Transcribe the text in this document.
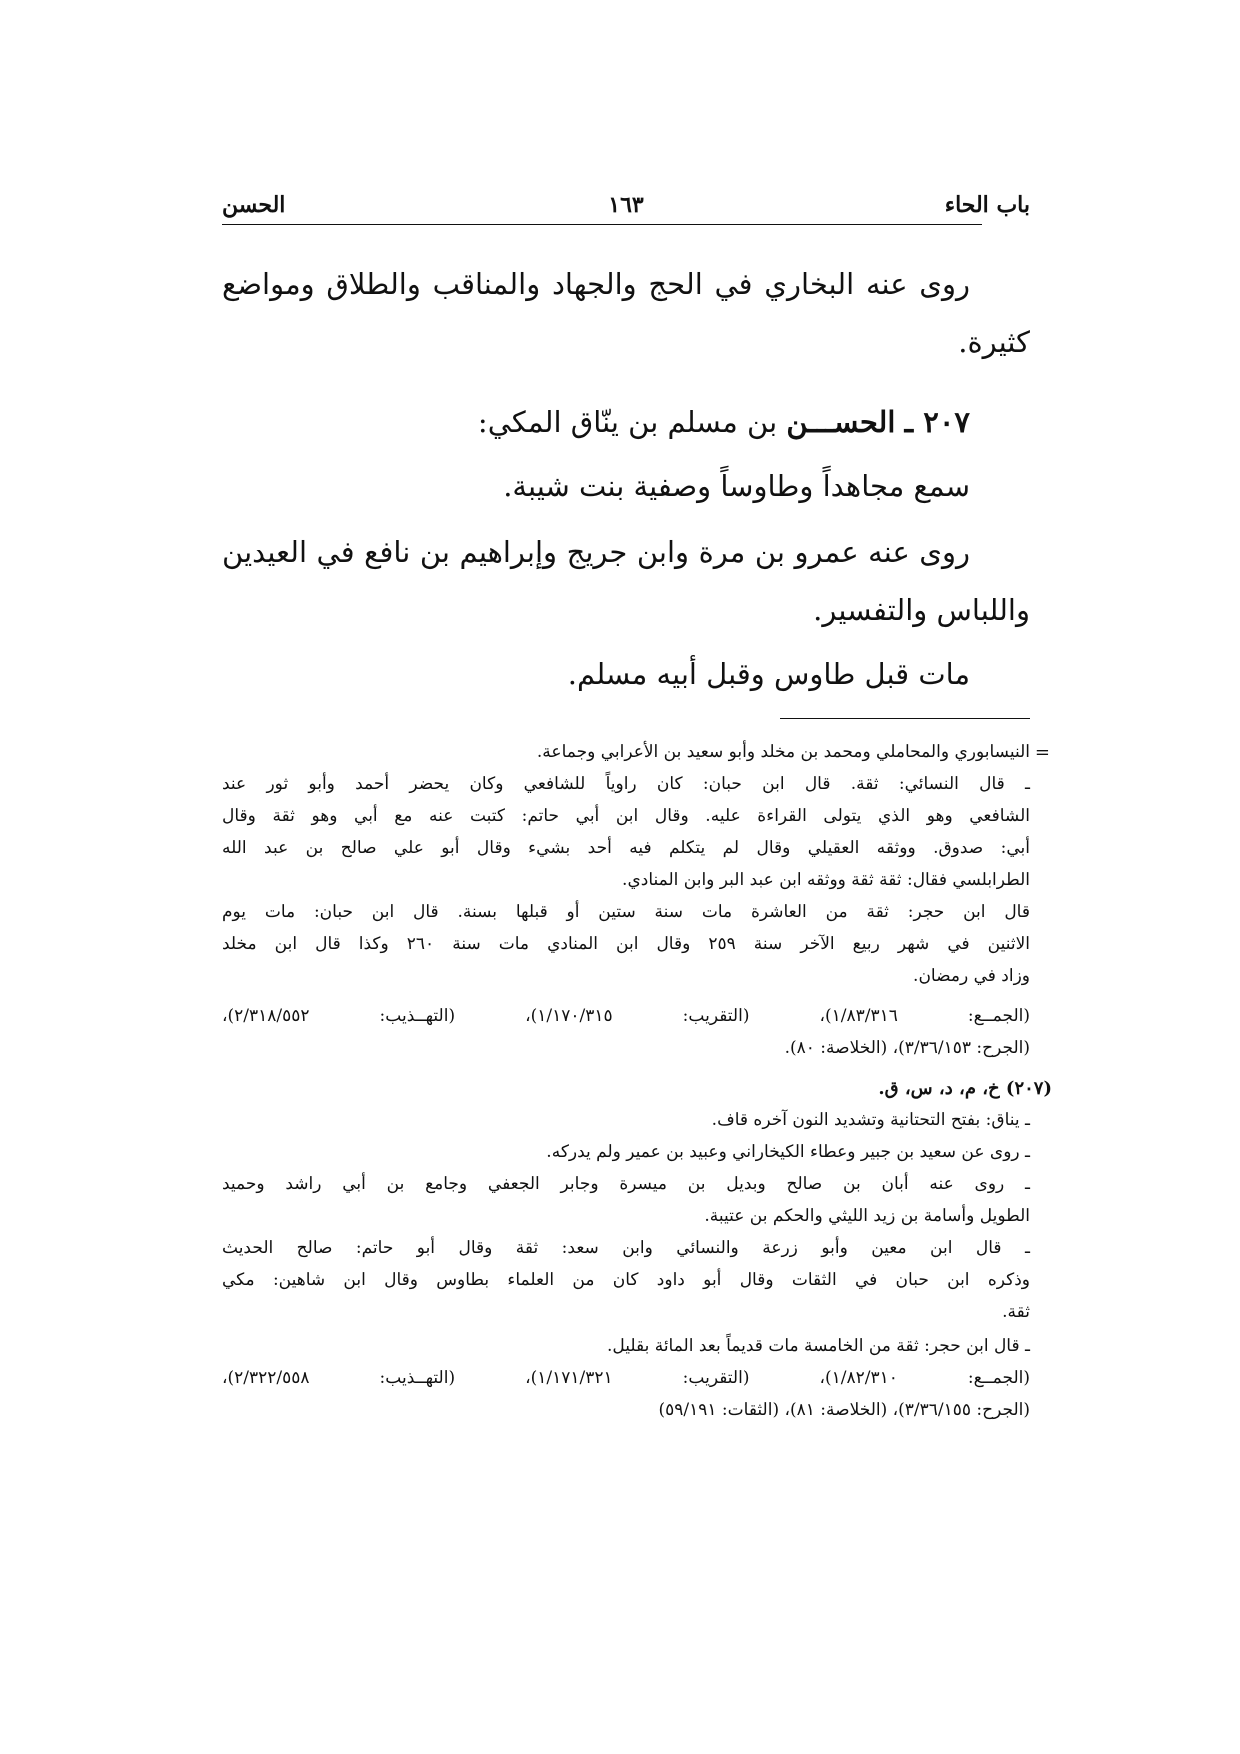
باب الحاء
١٦٣
الحسن

روى عنه البخاري في الحج والجهاد والمناقب والطلاق ومواضع

كثيرة.

٢٠٧ ـ الحســـن بن مسلم بن ينّاق المكي:

سمع مجاهداً وطاوساً وصفية بنت شيبة.

روى عنه عمرو بن مرة وابن جريج وإبراهيم بن نافع في العيدين

واللباس والتفسير.

مات قبل طاوس وقبل أبيه مسلم.

=
النيسابوري والمحاملي ومحمد بن مخلد وأبو سعيد بن الأعرابي وجماعة.
ـ قال النسائي: ثقة. قال ابن حبان: كان راوياً للشافعي وكان يحضر أحمد وأبو ثور عند
الشافعي وهو الذي يتولى القراءة عليه. وقال ابن أبي حاتم: كتبت عنه مع أبي وهو ثقة وقال
أبي: صدوق. ووثقه العقيلي وقال لم يتكلم فيه أحد بشيء وقال أبو علي صالح بن عبد الله
الطرابلسي فقال: ثقة ثقة ووثقه ابن عبد البر وابن المنادي.
قال ابن حجر: ثقة من العاشرة مات سنة ستين أو قبلها بسنة. قال ابن حبان: مات يوم
الاثنين في شهر ربيع الآخر سنة ٢٥٩ وقال ابن المنادي مات سنة ٢٦٠ وكذا قال ابن مخلد
وزاد في رمضان.
(الجمــع: ١/٨٣/٣١٦)، (التقريب: ١/١٧٠/٣١٥)، (التهــذيب: ٢/٣١٨/٥٥٢)،
(الجرح: ٣/٣٦/١٥٣)، (الخلاصة: ٨٠).
(٢٠٧) خ، م، د، س، ق.
ـ يناق: بفتح التحتانية وتشديد النون آخره قاف.
ـ روى عن سعيد بن جبير وعطاء الكيخاراني وعبيد بن عمير ولم يدركه.
ـ روى عنه أبان بن صالح وبديل بن ميسرة وجابر الجعفي وجامع بن أبي راشد وحميد
الطويل وأسامة بن زيد الليثي والحكم بن عتيبة.
ـ قال ابن معين وأبو زرعة والنسائي وابن سعد: ثقة وقال أبو حاتم: صالح الحديث
وذكره ابن حبان في الثقات وقال أبو داود كان من العلماء بطاوس وقال ابن شاهين: مكي
ثقة.
ـ قال ابن حجر: ثقة من الخامسة مات قديماً بعد المائة بقليل.
(الجمــع: ١/٨٢/٣١٠)، (التقريب: ١/١٧١/٣٢١)، (التهــذيب: ٢/٣٢٢/٥٥٨)،
(الجرح: ٣/٣٦/١٥٥)، (الخلاصة: ٨١)، (الثقات: ٥٩/١٩١)
